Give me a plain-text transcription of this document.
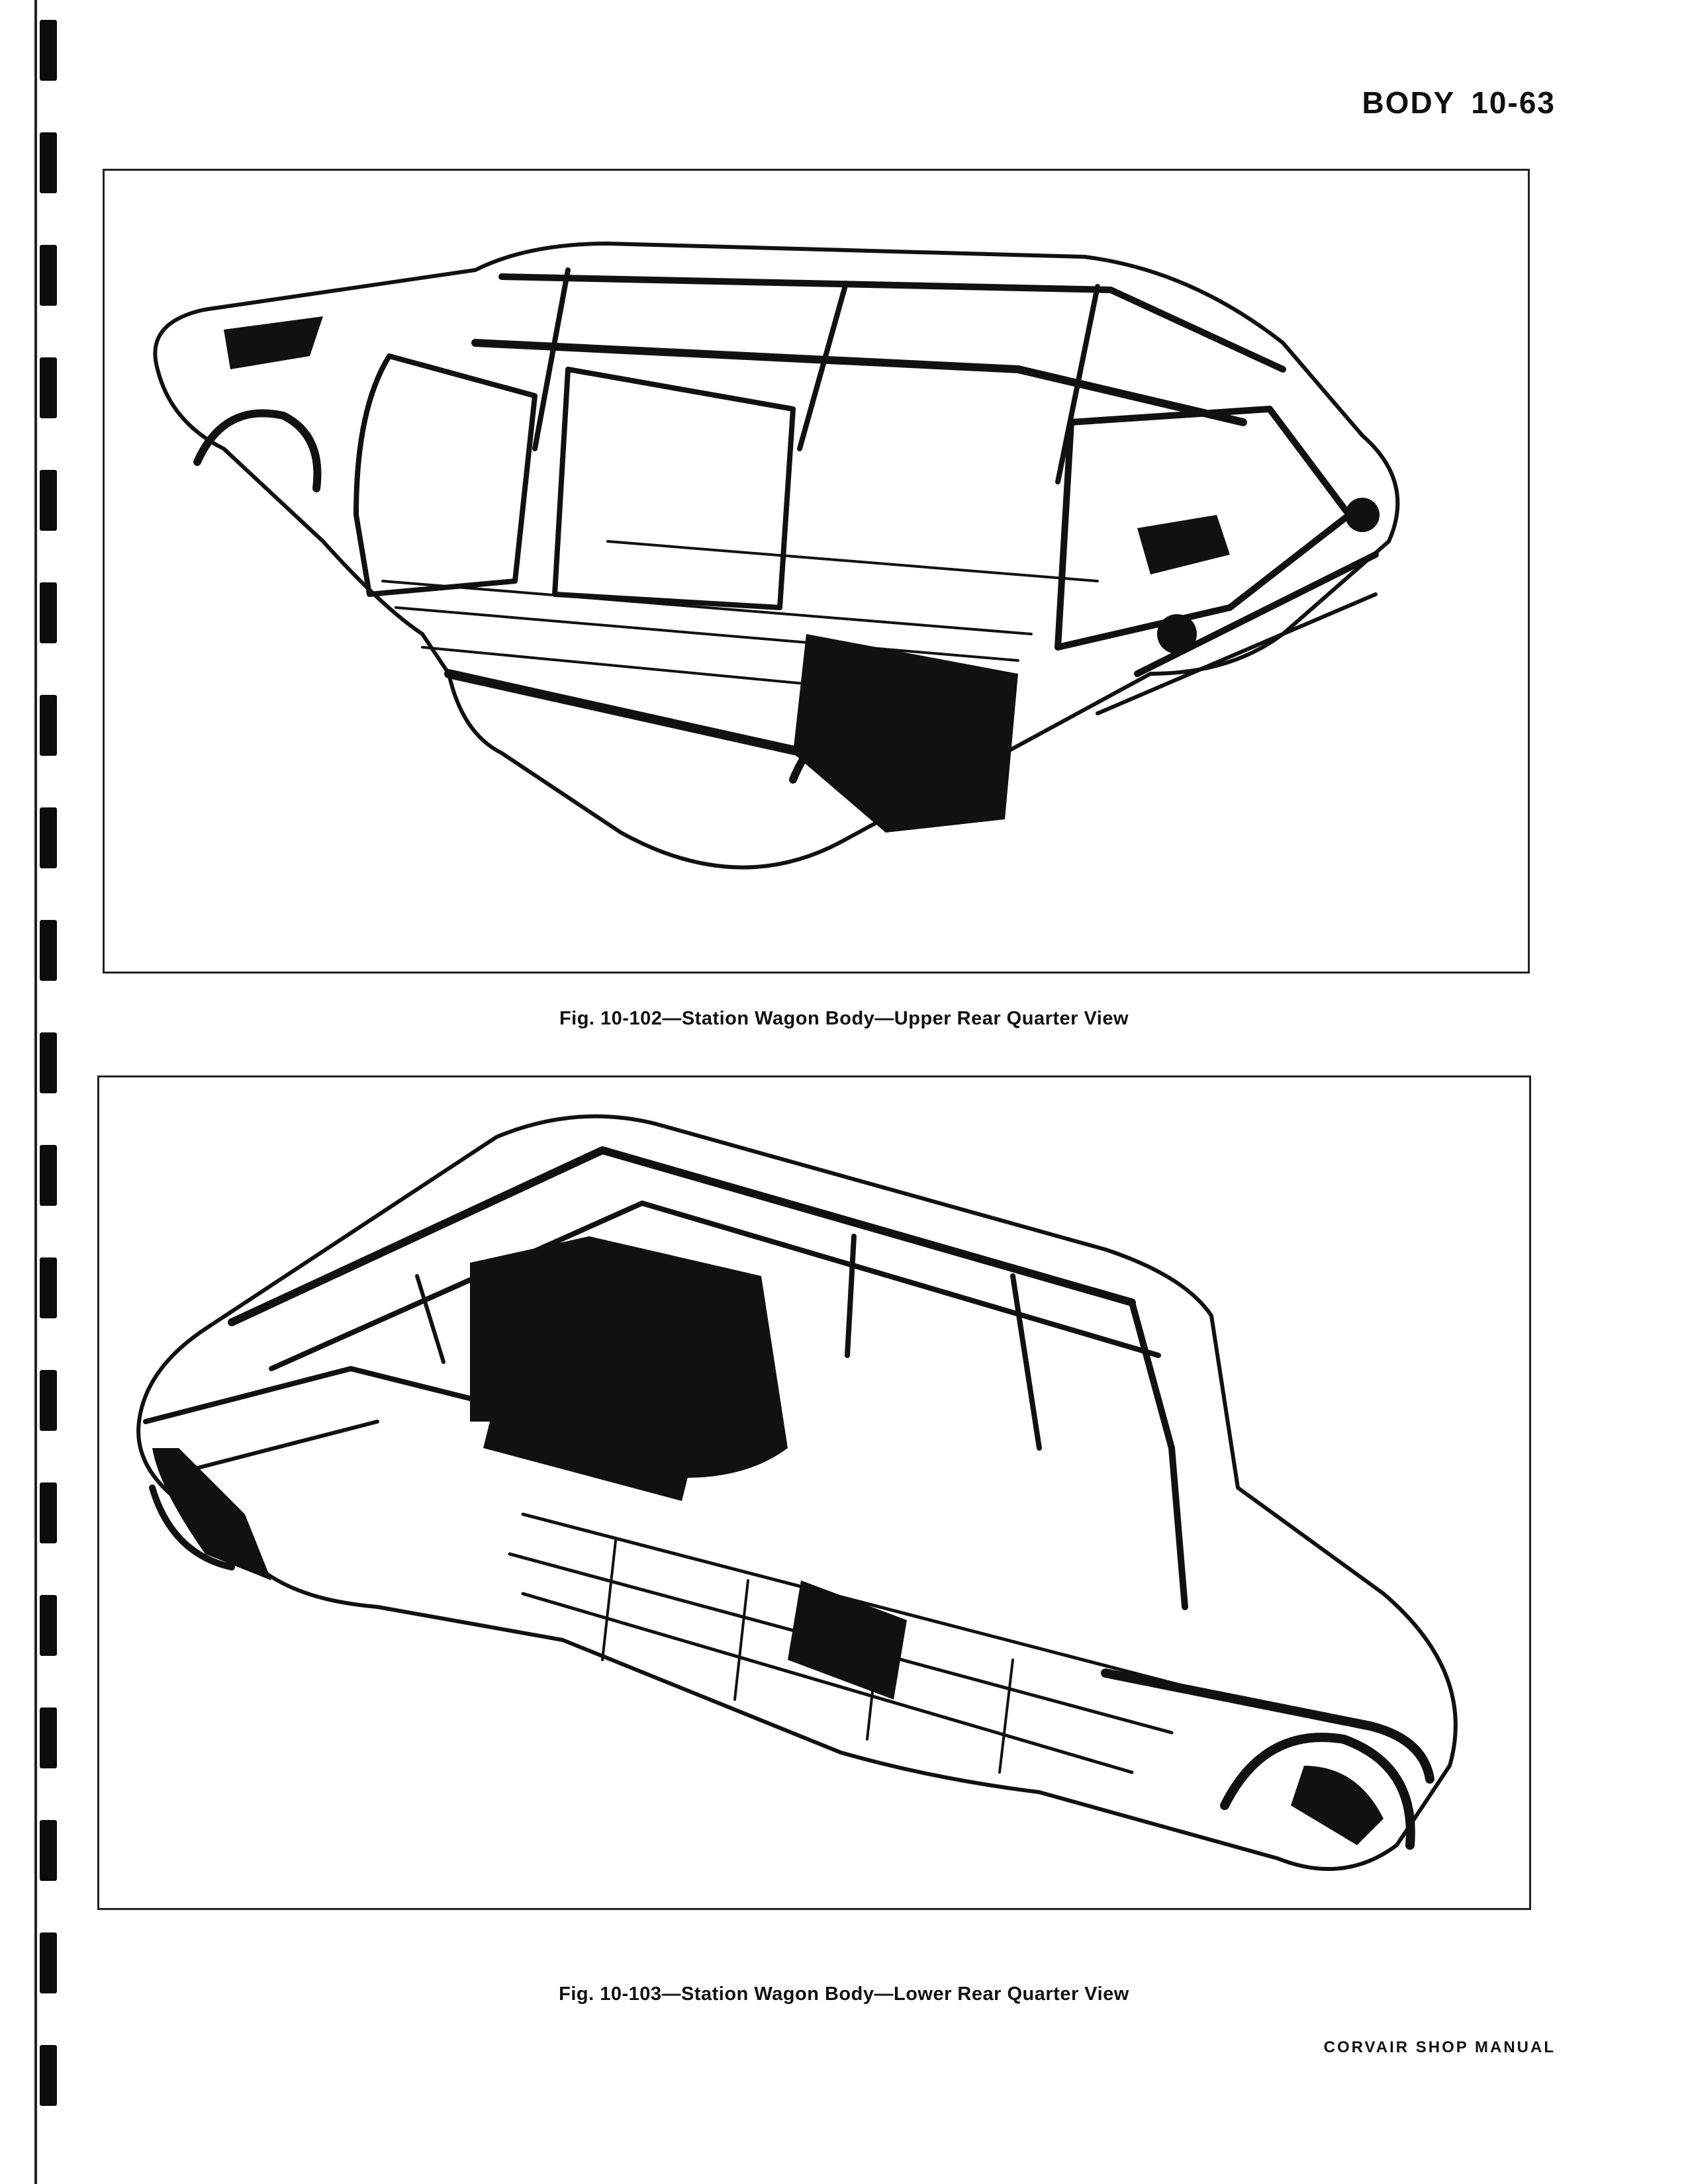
BODY 10-63
Fig. 10-102—Station Wagon Body—Upper Rear Quarter View
Fig. 10-103—Station Wagon Body—Lower Rear Quarter View
CORVAIR SHOP MANUAL
